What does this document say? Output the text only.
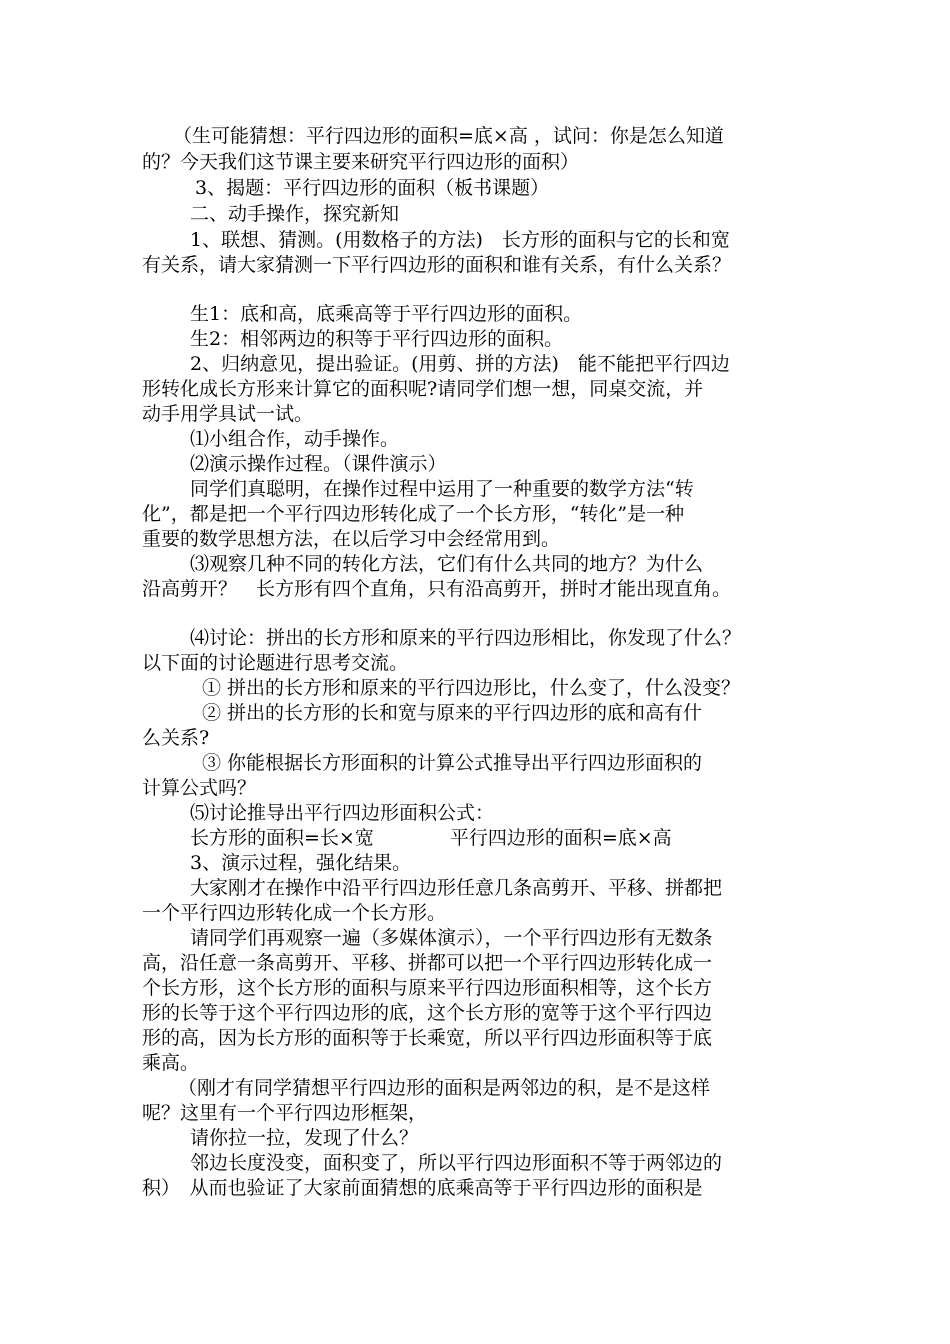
（生可能猜想：平行四边形的面积=底×高 ，试问：你是怎么知道
的？今天我们这节课主要来研究平行四边形的面积）
3、揭题：平行四边形的面积（板书课题）
二、动手操作，探究新知
1、联想、猜测。(用数格子的方法)　长方形的面积与它的长和宽
有关系，请大家猜测一下平行四边形的面积和谁有关系，有什么关系？
生1：底和高，底乘高等于平行四边形的面积。
生2：相邻两边的积等于平行四边形的面积。
2、归纳意见，提出验证。(用剪、拼的方法)　能不能把平行四边
形转化成长方形来计算它的面积呢?请同学们想一想，同桌交流，并
动手用学具试一试。
⑴小组合作，动手操作。
⑵演示操作过程。（课件演示）
同学们真聪明，在操作过程中运用了一种重要的数学方法“转
化”，都是把一个平行四边形转化成了一个长方形，“转化”是一种
重要的数学思想方法，在以后学习中会经常用到。
⑶观察几种不同的转化方法，它们有什么共同的地方？为什么
沿高剪开？　长方形有四个直角，只有沿高剪开，拼时才能出现直角。
⑷讨论：拼出的长方形和原来的平行四边形相比，你发现了什么？
以下面的讨论题进行思考交流。
① 拼出的长方形和原来的平行四边形比，什么变了，什么没变？
② 拼出的长方形的长和宽与原来的平行四边形的底和高有什
么关系?
③ 你能根据长方形面积的计算公式推导出平行四边形面积的
计算公式吗？
⑸讨论推导出平行四边形面积公式：
长方形的面积=长×宽　　　　平行四边形的面积=底×高
3、演示过程，强化结果。
大家刚才在操作中沿平行四边形任意几条高剪开、平移、拼都把
一个平行四边形转化成一个长方形。
请同学们再观察一遍（多媒体演示），一个平行四边形有无数条
高，沿任意一条高剪开、平移、拼都可以把一个平行四边形转化成一
个长方形，这个长方形的面积与原来平行四边形面积相等，这个长方
形的长等于这个平行四边形的底，这个长方形的宽等于这个平行四边
形的高，因为长方形的面积等于长乘宽，所以平行四边形面积等于底
乘高。
（刚才有同学猜想平行四边形的面积是两邻边的积，是不是这样
呢？这里有一个平行四边形框架，
请你拉一拉，发现了什么？
邻边长度没变，面积变了，所以平行四边形面积不等于两邻边的
积）　从而也验证了大家前面猜想的底乘高等于平行四边形的面积是
